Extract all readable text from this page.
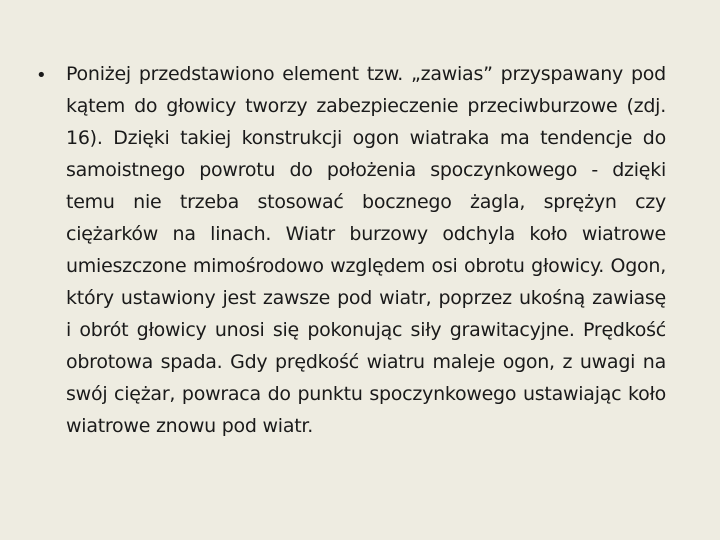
• Poniżej przedstawiono element tzw. „zawias” przyspawany pod kątem do głowicy tworzy zabezpieczenie przeciwburzowe (zdj. 16). Dzięki takiej konstrukcji ogon wiatraka ma tendencje do samoistnego powrotu do położenia spoczynkowego - dzięki temu nie trzeba stosować bocznego żagla, sprężyn czy ciężarków na linach. Wiatr burzowy odchyla koło wiatrowe umieszczone mimośrodowo względem osi obrotu głowicy. Ogon, który ustawiony jest zawsze pod wiatr, poprzez ukośną zawiasę i obrót głowicy unosi się pokonując siły grawitacyjne. Prędkość obrotowa spada. Gdy prędkość wiatru maleje ogon, z uwagi na swój ciężar, powraca do punktu spoczynkowego ustawiając koło wiatrowe znowu pod wiatr.
